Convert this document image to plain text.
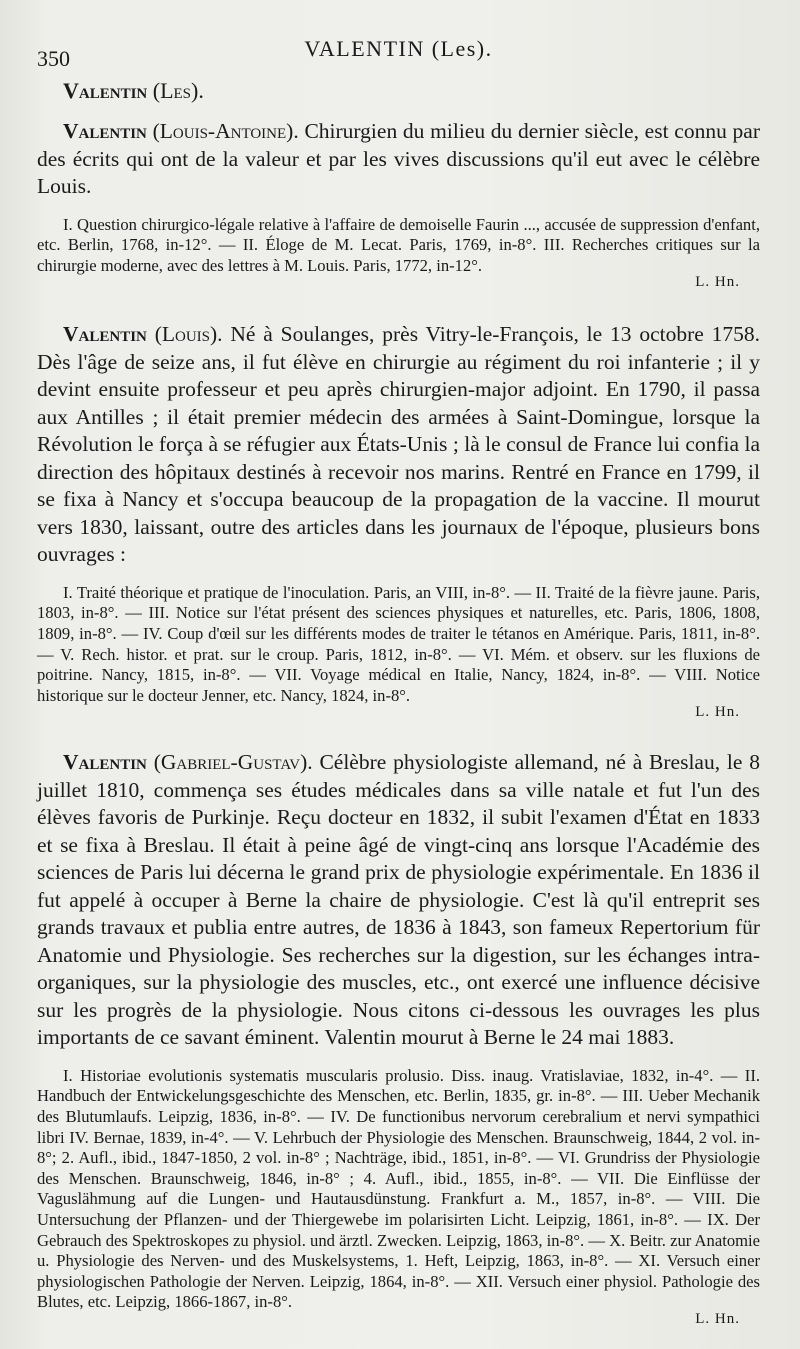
350	VALENTIN (Les).
Valentin (Les).

Valentin (Louis-Antoine). Chirurgien du milieu du dernier siècle, est connu par des écrits qui ont de la valeur et par les vives discussions qu'il eut avec le célèbre Louis.

I. Question chirurgico-légale relative à l'affaire de demoiselle Faurin ..., accusée de suppression d'enfant, etc. Berlin, 1768, in-12°. — II. Éloge de M. Lecat. Paris, 1769, in-8°. III. Recherches critiques sur la chirurgie moderne, avec des lettres à M. Louis. Paris, 1772, in-12°.

L. Hn.

Valentin (Louis). Né à Soulanges, près Vitry-le-François, le 13 octobre 1758. Dès l'âge de seize ans, il fut élève en chirurgie au régiment du roi infanterie ; il y devint ensuite professeur et peu après chirurgien-major adjoint. En 1790, il passa aux Antilles ; il était premier médecin des armées à Saint-Domingue, lorsque la Révolution le força à se réfugier aux États-Unis ; là le consul de France lui confia la direction des hôpitaux destinés à recevoir nos marins. Rentré en France en 1799, il se fixa à Nancy et s'occupa beaucoup de la propagation de la vaccine. Il mourut vers 1830, laissant, outre des articles dans les journaux de l'époque, plusieurs bons ouvrages :

I. Traité théorique et pratique de l'inoculation. Paris, an VIII, in-8°. — II. Traité de la fièvre jaune. Paris, 1803, in-8°. — III. Notice sur l'état présent des sciences physiques et naturelles, etc. Paris, 1806, 1808, 1809, in-8°. — IV. Coup d'œil sur les différents modes de traiter le tétanos en Amérique. Paris, 1811, in-8°. — V. Rech. histor. et prat. sur le croup. Paris, 1812, in-8°. — VI. Mém. et observ. sur les fluxions de poitrine. Nancy, 1815, in-8°. — VII. Voyage médical en Italie, Nancy, 1824, in-8°. — VIII. Notice historique sur le docteur Jenner, etc. Nancy, 1824, in-8°.

L. Hn.

Valentin (Gabriel-Gustav). Célèbre physiologiste allemand, né à Breslau, le 8 juillet 1810, commença ses études médicales dans sa ville natale et fut l'un des élèves favoris de Purkinje. Reçu docteur en 1832, il subit l'examen d'État en 1833 et se fixa à Breslau. Il était à peine âgé de vingt-cinq ans lorsque l'Académie des sciences de Paris lui décerna le grand prix de physiologie expérimentale. En 1836 il fut appelé à occuper à Berne la chaire de physiologie. C'est là qu'il entreprit ses grands travaux et publia entre autres, de 1836 à 1843, son fameux Repertorium für Anatomie und Physiologie. Ses recherches sur la digestion, sur les échanges intra-organiques, sur la physiologie des muscles, etc., ont exercé une influence décisive sur les progrès de la physiologie. Nous citons ci-dessous les ouvrages les plus importants de ce savant éminent. Valentin mourut à Berne le 24 mai 1883.

I. Historiae evolutionis systematis muscularis prolusio. Diss. inaug. Vratislaviae, 1832, in-4°. — II. Handbuch der Entwickelungsgeschichte des Menschen, etc. Berlin, 1835, gr. in-8°. — III. Ueber Mechanik des Blutumlaufs. Leipzig, 1836, in-8°. — IV. De functionibus nervorum cerebralium et nervi sympathici libri IV. Bernae, 1839, in-4°. — V. Lehrbuch der Physiologie des Menschen. Braunschweig, 1844, 2 vol. in-8°; 2. Aufl., ibid., 1847-1850, 2 vol. in-8° ; Nachträge, ibid., 1851, in-8°. — VI. Grundriss der Physiologie des Menschen. Braunschweig, 1846, in-8° ; 4. Aufl., ibid., 1855, in-8°. — VII. Die Einflüsse der Vaguslähmung auf die Lungen- und Hautausdünstung. Frankfurt a. M., 1857, in-8°. — VIII. Die Untersuchung der Pflanzen- und der Thiergewebe im polarisirten Licht. Leipzig, 1861, in-8°. — IX. Der Gebrauch des Spektroskopes zu physiol. und ärztl. Zwecken. Leipzig, 1863, in-8°. — X. Beitr. zur Anatomie u. Physiologie des Nerven- und des Muskelsystems, 1. Heft, Leipzig, 1863, in-8°. — XI. Versuch einer physiologischen Pathologie der Nerven. Leipzig, 1864, in-8°. — XII. Versuch einer physiol. Pathologie des Blutes, etc. Leipzig, 1866-1867, in-8°.

L. Hn.
